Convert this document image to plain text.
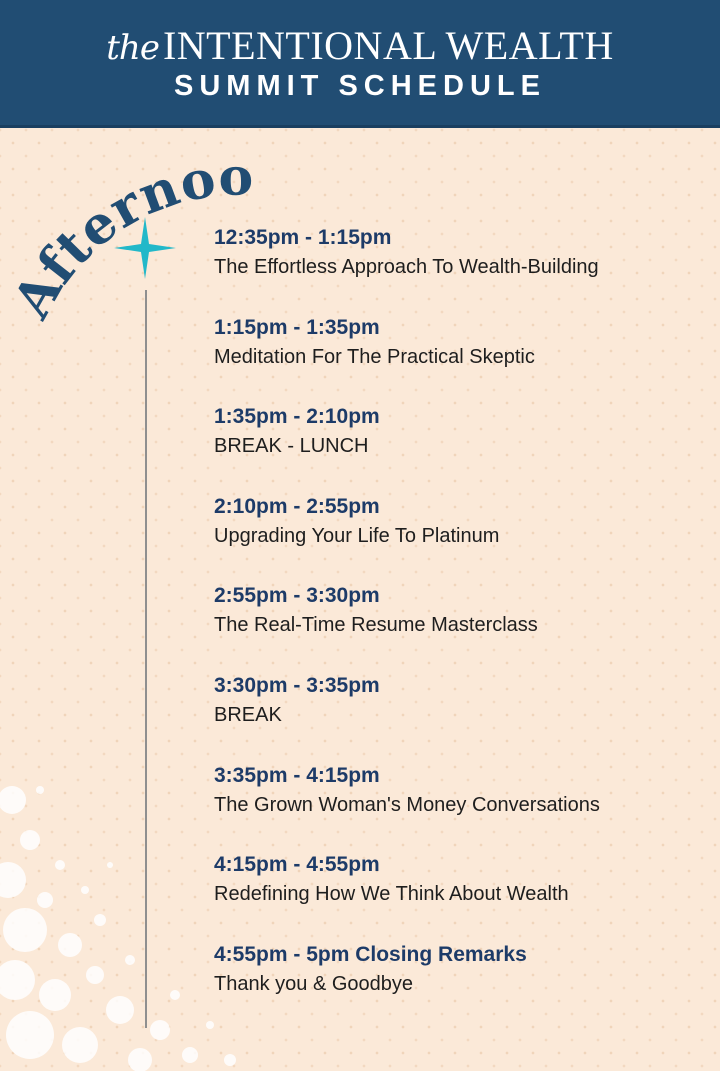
the INTENTIONAL WEALTH
SUMMIT SCHEDULE
Afternoo
12:35pm - 1:15pm
The Effortless Approach To Wealth-Building
1:15pm - 1:35pm
Meditation For The Practical Skeptic
1:35pm - 2:10pm
BREAK - LUNCH
2:10pm - 2:55pm
Upgrading Your Life To Platinum
2:55pm - 3:30pm
The Real-Time Resume Masterclass
3:30pm - 3:35pm
BREAK
3:35pm - 4:15pm
The Grown Woman's Money Conversations
4:15pm - 4:55pm
Redefining How We Think About Wealth
4:55pm - 5pm Closing Remarks
Thank you & Goodbye
